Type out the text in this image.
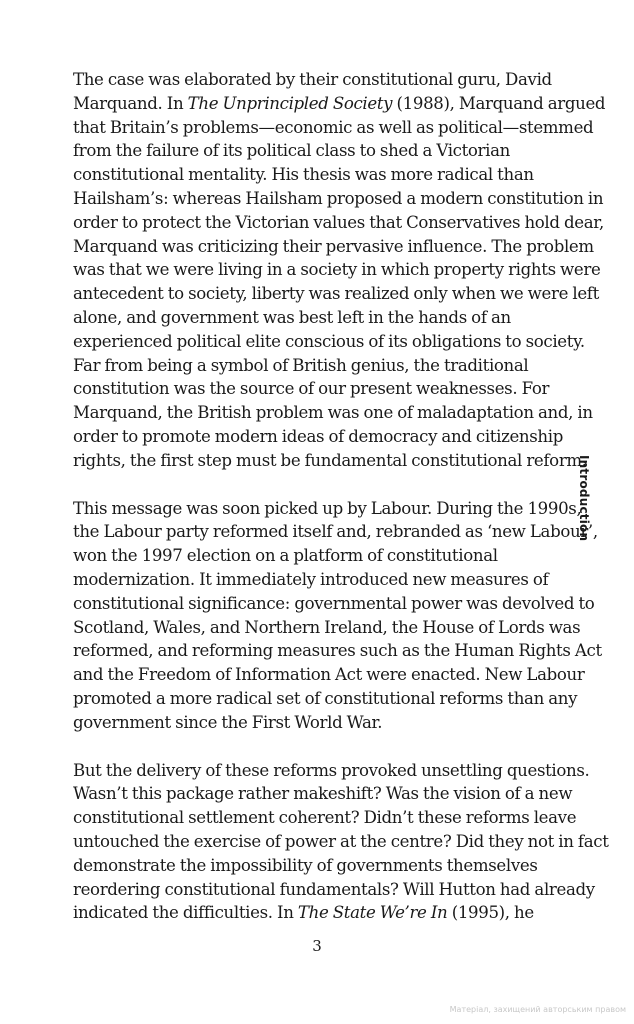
The case was elaborated by their constitutional guru, David
Marquand. In The Unprincipled Society (1988), Marquand argued
that Britain’s problems—economic as well as political—stemmed
from the failure of its political class to shed a Victorian
constitutional mentality. His thesis was more radical than
Hailsham’s: whereas Hailsham proposed a modern constitution in
order to protect the Victorian values that Conservatives hold dear,
Marquand was criticizing their pervasive influence. The problem
was that we were living in a society in which property rights were
antecedent to society, liberty was realized only when we were left
alone, and government was best left in the hands of an
experienced political elite conscious of its obligations to society.
Far from being a symbol of British genius, the traditional
constitution was the source of our present weaknesses. For
Marquand, the British problem was one of maladaptation and, in
order to promote modern ideas of democracy and citizenship
rights, the first step must be fundamental constitutional reform.

This message was soon picked up by Labour. During the 1990s,
the Labour party reformed itself and, rebranded as ‘new Labour’,
won the 1997 election on a platform of constitutional
modernization. It immediately introduced new measures of
constitutional significance: governmental power was devolved to
Scotland, Wales, and Northern Ireland, the House of Lords was
reformed, and reforming measures such as the Human Rights Act
and the Freedom of Information Act were enacted. New Labour
promoted a more radical set of constitutional reforms than any
government since the First World War.

But the delivery of these reforms provoked unsettling questions.
Wasn’t this package rather makeshift? Was the vision of a new
constitutional settlement coherent? Didn’t these reforms leave
untouched the exercise of power at the centre? Did they not in fact
demonstrate the impossibility of governments themselves
reordering constitutional fundamentals? Will Hutton had already
indicated the difficulties. In The State We’re In (1995), he

Introduction
3
Матеріал, захищений авторським правом
